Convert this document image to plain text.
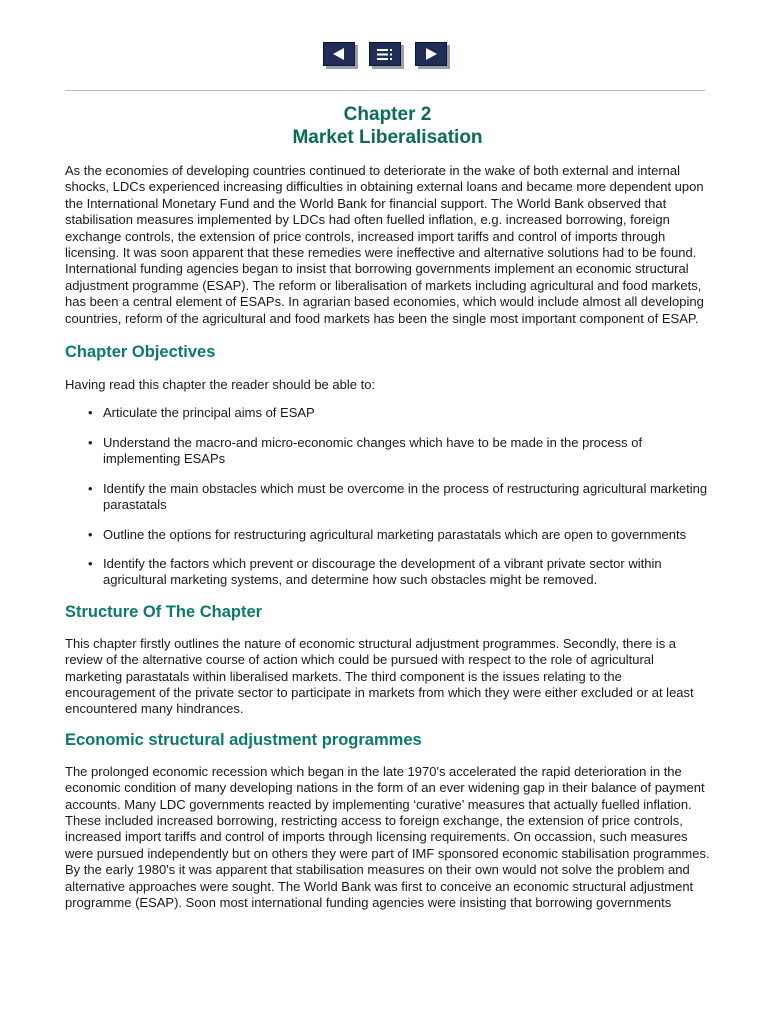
Chapter 2
Market Liberalisation

As the economies of developing countries continued to deteriorate in the wake of both external and internal shocks, LDCs experienced increasing difficulties in obtaining external loans and became more dependent upon the International Monetary Fund and the World Bank for financial support. The World Bank observed that stabilisation measures implemented by LDCs had often fuelled inflation, e.g. increased borrowing, foreign exchange controls, the extension of price controls, increased import tariffs and control of imports through licensing. It was soon apparent that these remedies were ineffective and alternative solutions had to be found. International funding agencies began to insist that borrowing governments implement an economic structural adjustment programme (ESAP). The reform or liberalisation of markets including agricultural and food markets, has been a central element of ESAPs. In agrarian based economies, which would include almost all developing countries, reform of the agricultural and food markets has been the single most important component of ESAP.

Chapter Objectives

Having read this chapter the reader should be able to:

• Articulate the principal aims of ESAP
• Understand the macro-and micro-economic changes which have to be made in the process of implementing ESAPs
• Identify the main obstacles which must be overcome in the process of restructuring agricultural marketing parastatals
• Outline the options for restructuring agricultural marketing parastatals which are open to governments
• Identify the factors which prevent or discourage the development of a vibrant private sector within agricultural marketing systems, and determine how such obstacles might be removed.
Structure Of The Chapter

This chapter firstly outlines the nature of economic structural adjustment programmes. Secondly, there is a review of the alternative course of action which could be pursued with respect to the role of agricultural marketing parastatals within liberalised markets. The third component is the issues relating to the encouragement of the private sector to participate in markets from which they were either excluded or at least encountered many hindrances.

Economic structural adjustment programmes

The prolonged economic recession which began in the late 1970's accelerated the rapid deterioration in the economic condition of many developing nations in the form of an ever widening gap in their balance of payment accounts. Many LDC governments reacted by implementing ‘curative’ measures that actually fuelled inflation. These included increased borrowing, restricting access to foreign exchange, the extension of price controls, increased import tariffs and control of imports through licensing requirements. On occassion, such measures were pursued independently but on others they were part of IMF sponsored economic stabilisation programmes. By the early 1980's it was apparent that stabilisation measures on their own would not solve the problem and alternative approaches were sought. The World Bank was first to conceive an economic structural adjustment programme (ESAP). Soon most international funding agencies were insisting that borrowing governments
